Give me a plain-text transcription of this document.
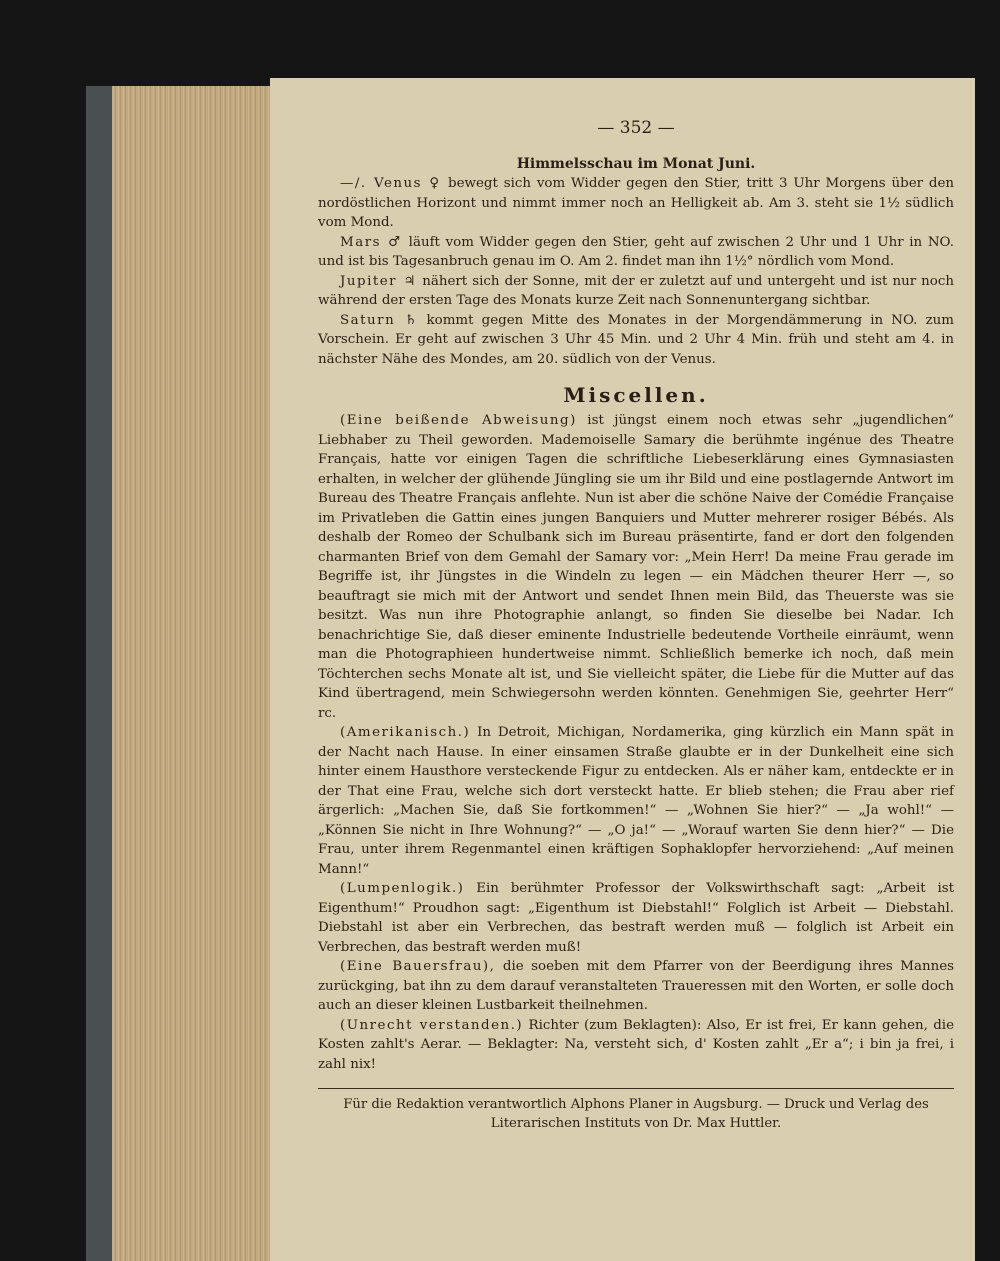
— 352 —
Himmelsschau im Monat Juni.

—/. Venus ♀ bewegt sich vom Widder gegen den Stier, tritt 3 Uhr Morgens über den nordöstlichen Horizont und nimmt immer noch an Helligkeit ab. Am 3. steht sie 1½ südlich vom Mond.

Mars ♂ läuft vom Widder gegen den Stier, geht auf zwischen 2 Uhr und 1 Uhr in NO. und ist bis Tagesanbruch genau im O. Am 2. findet man ihn 1½° nördlich vom Mond.

Jupiter ♃ nähert sich der Sonne, mit der er zuletzt auf und untergeht und ist nur noch während der ersten Tage des Monats kurze Zeit nach Sonnenuntergang sichtbar.

Saturn ♄ kommt gegen Mitte des Monates in der Morgendämmerung in NO. zum Vorschein. Er geht auf zwischen 3 Uhr 45 Min. und 2 Uhr 4 Min. früh und steht am 4. in nächster Nähe des Mondes, am 20. südlich von der Venus.

Miscellen.

(Eine beißende Abweisung) ist jüngst einem noch etwas sehr „jugendlichen“ Liebhaber zu Theil geworden. Mademoiselle Samary die berühmte ingénue des Theatre Français, hatte vor einigen Tagen die schriftliche Liebeserklärung eines Gymnasiasten erhalten, in welcher der glühende Jüngling sie um ihr Bild und eine postlagernde Antwort im Bureau des Theatre Français anflehte. Nun ist aber die schöne Naive der Comédie Française im Privatleben die Gattin eines jungen Banquiers und Mutter mehrerer rosiger Bébés. Als deshalb der Romeo der Schulbank sich im Bureau präsentirte, fand er dort den folgenden charmanten Brief von dem Gemahl der Samary vor: „Mein Herr! Da meine Frau gerade im Begriffe ist, ihr Jüngstes in die Windeln zu legen — ein Mädchen theurer Herr —, so beauftragt sie mich mit der Antwort und sendet Ihnen mein Bild, das Theuerste was sie besitzt. Was nun ihre Photographie anlangt, so finden Sie dieselbe bei Nadar. Ich benachrichtige Sie, daß dieser eminente Industrielle bedeutende Vortheile einräumt, wenn man die Photographieen hundertweise nimmt. Schließlich bemerke ich noch, daß mein Töchterchen sechs Monate alt ist, und Sie vielleicht später, die Liebe für die Mutter auf das Kind übertragend, mein Schwiegersohn werden könnten. Genehmigen Sie, geehrter Herr“ rc.

(Amerikanisch.) In Detroit, Michigan, Nordamerika, ging kürzlich ein Mann spät in der Nacht nach Hause. In einer einsamen Straße glaubte er in der Dunkelheit eine sich hinter einem Hausthore versteckende Figur zu entdecken. Als er näher kam, entdeckte er in der That eine Frau, welche sich dort versteckt hatte. Er blieb stehen; die Frau aber rief ärgerlich: „Machen Sie, daß Sie fortkommen!“ — „Wohnen Sie hier?“ — „Ja wohl!“ — „Können Sie nicht in Ihre Wohnung?“ — „O ja!“ — „Worauf warten Sie denn hier?“ — Die Frau, unter ihrem Regenmantel einen kräftigen Sophaklopfer hervorziehend: „Auf meinen Mann!“

(Lumpenlogik.) Ein berühmter Professor der Volkswirthschaft sagt: „Arbeit ist Eigenthum!“ Proudhon sagt: „Eigenthum ist Diebstahl!“ Folglich ist Arbeit — Diebstahl. Diebstahl ist aber ein Verbrechen, das bestraft werden muß — folglich ist Arbeit ein Verbrechen, das bestraft werden muß!

(Eine Bauersfrau), die soeben mit dem Pfarrer von der Beerdigung ihres Mannes zurückging, bat ihn zu dem darauf veranstalteten Traueressen mit den Worten, er solle doch auch an dieser kleinen Lustbarkeit theilnehmen.

(Unrecht verstanden.) Richter (zum Beklagten): Also, Er ist frei, Er kann gehen, die Kosten zahlt's Aerar. — Beklagter: Na, versteht sich, d' Kosten zahlt „Er a“; i bin ja frei, i zahl nix!

Für die Redaktion verantwortlich Alphons Planer in Augsburg. — Druck und Verlag des Literarischen Instituts von Dr. Max Huttler.
